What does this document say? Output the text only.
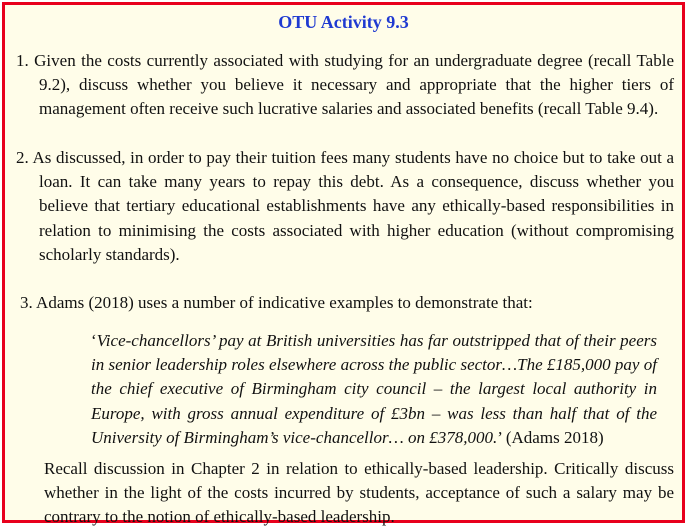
OTU Activity 9.3
1. Given the costs currently associated with studying for an undergraduate degree (recall Table 9.2), discuss whether you believe it necessary and appropriate that the higher tiers of management often receive such lucrative salaries and associated benefits (recall Table 9.4).
2. As discussed, in order to pay their tuition fees many students have no choice but to take out a loan. It can take many years to repay this debt. As a consequence, discuss whether you believe that tertiary educational establishments have any ethically-based responsibilities in relation to minimising the costs associated with higher education (without compromising scholarly standards).
3. Adams (2018) uses a number of indicative examples to demonstrate that:
‘Vice-chancellors’ pay at British universities has far outstripped that of their peers in senior leadership roles elsewhere across the public sector…The £185,000 pay of the chief executive of Birmingham city council – the largest local authority in Europe, with gross annual expenditure of £3bn – was less than half that of the University of Birmingham’s vice-chancellor… on £378,000.’ (Adams 2018)
Recall discussion in Chapter 2 in relation to ethically-based leadership. Critically discuss whether in the light of the costs incurred by students, acceptance of such a salary may be contrary to the notion of ethically-based leadership.
